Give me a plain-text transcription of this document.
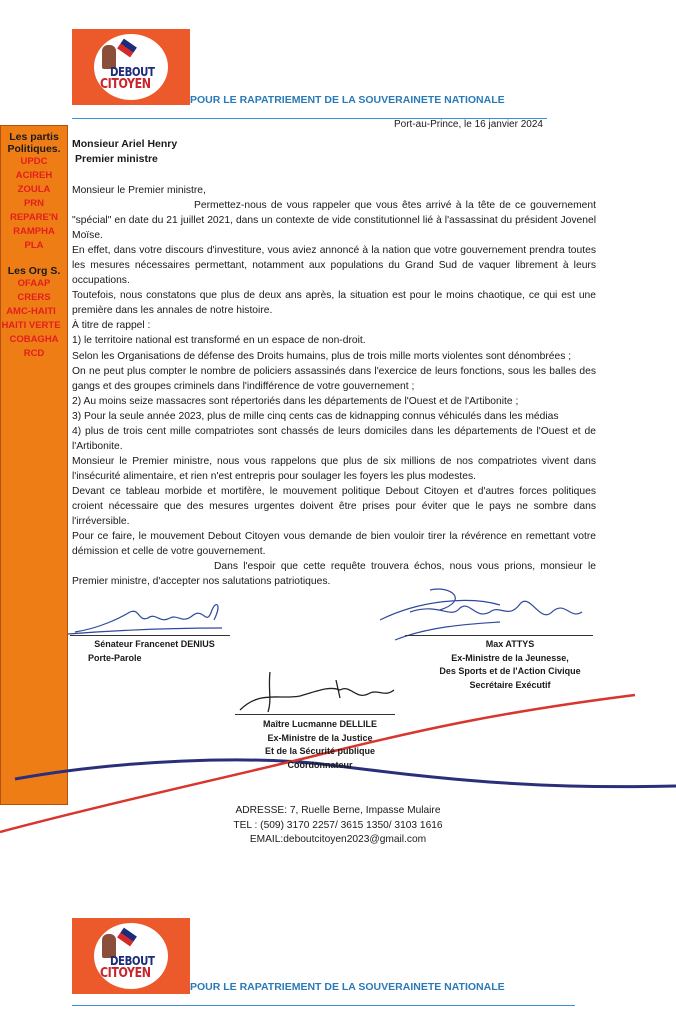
DEBOUT
CITOYEN
POUR LE RAPATRIEMENT DE LA SOUVERAINETE NATIONALE
Les partis
Politiques.
UPDC
ACIREH
ZOULA
PRN
REPARE'N
RAMPHA
PLA
Les Org S.
OFAAP
CRERS
AMC-HAITI
HAITI VERTE
COBAGHA
RCD
Port-au-Prince, le 16 janvier 2024
Monsieur Ariel Henry
Premier ministre

Monsieur le Premier ministre,

Permettez-nous de vous rappeler que vous êtes arrivé à la tête de ce gouvernement "spécial" en date du 21 juillet 2021, dans un contexte de vide constitutionnel lié à l'assassinat du président Jovenel Moïse.

En effet, dans votre discours d'investiture, vous aviez annoncé à la nation que votre gouvernement prendra toutes les mesures nécessaires permettant, notamment aux populations du Grand Sud de vaquer librement à leurs occupations.

Toutefois, nous constatons que plus de deux ans après, la situation est pour le moins chaotique, ce qui est une première dans les annales de notre histoire.

À titre de rappel :

1) le territoire national est transformé en un espace de non-droit.

Selon les Organisations de défense des Droits humains, plus de trois mille morts violentes sont dénombrées ;

On ne peut plus compter le nombre de policiers assassinés dans l'exercice de leurs fonctions, sous les balles des gangs et des groupes criminels dans l'indifférence de votre gouvernement ;

2) Au moins seize massacres sont répertoriés dans les départements de l'Ouest et de l'Artibonite ;

3) Pour la seule année 2023, plus de mille cinq cents cas de kidnapping connus véhiculés dans les médias

4) plus de trois cent mille compatriotes sont chassés de leurs domiciles dans les départements de l'Ouest et de l'Artibonite.

Monsieur le Premier ministre, nous vous rappelons que plus de six millions de nos compatriotes vivent dans l'insécurité alimentaire, et rien n'est entrepris pour soulager les foyers les plus modestes.

Devant ce tableau morbide et mortifère, le mouvement politique Debout Citoyen et d'autres forces politiques croient nécessaire que des mesures urgentes doivent être prises pour éviter que le pays ne sombre dans l'irréversible.

Pour ce faire, le mouvement Debout Citoyen vous demande de bien vouloir tirer la révérence en remettant votre démission et celle de votre gouvernement.

Dans l'espoir que cette requête trouvera échos, nous vous prions, monsieur le Premier ministre, d'accepter nos salutations patriotiques.

Sénateur Francenet DENIUS
Porte-Parole
Max ATTYS
Ex-Ministre de la Jeunesse,
Des Sports et de l'Action Civique
Secrétaire Exécutif
Maître Lucmanne DELLILE
Ex-Ministre de la Justice
Et de la Sécurité publique
Coordonnateur
ADRESSE: 7, Ruelle Berne, Impasse Mulaire
TEL : (509) 3170 2257/ 3615 1350/ 3103 1616
EMAIL:deboutcitoyen2023@gmail.com
DEBOUT
CITOYEN
POUR LE RAPATRIEMENT DE LA SOUVERAINETE NATIONALE
